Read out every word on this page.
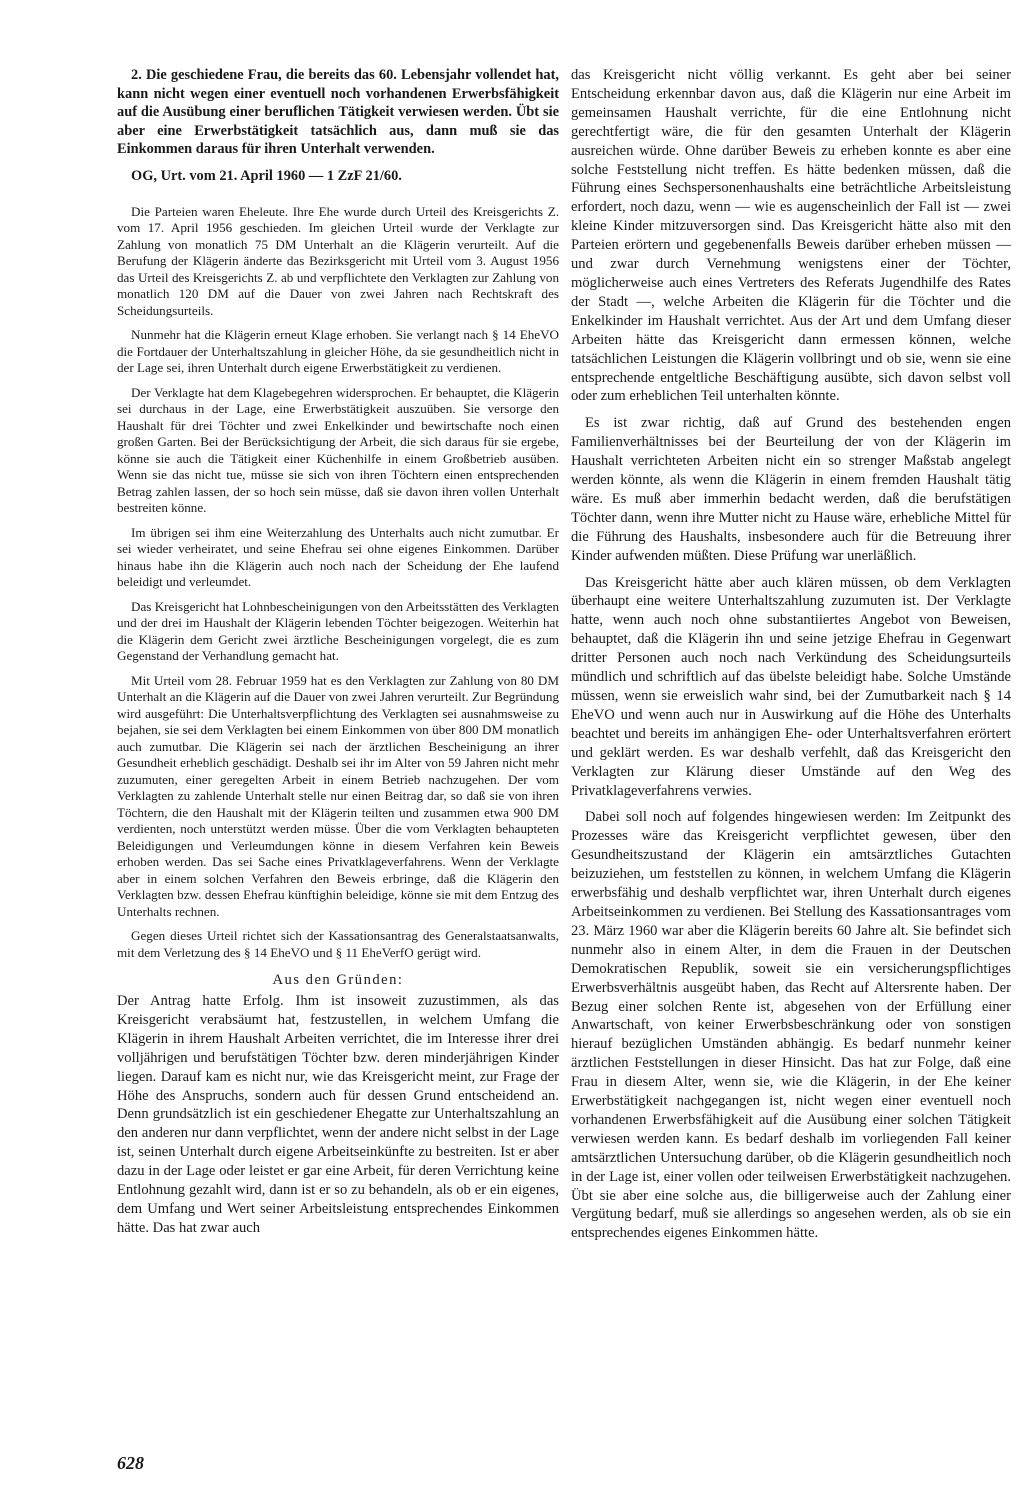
2. Die geschiedene Frau, die bereits das 60. Lebensjahr vollendet hat, kann nicht wegen einer eventuell noch vorhandenen Erwerbsfähigkeit auf die Ausübung einer beruflichen Tätigkeit verwiesen werden. Übt sie aber eine Erwerbstätigkeit tatsächlich aus, dann muß sie das Einkommen daraus für ihren Unterhalt verwenden.

OG, Urt. vom 21. April 1960 — 1 ZzF 21/60.

Die Parteien waren Eheleute. Ihre Ehe wurde durch Urteil des Kreisgerichts Z. vom 17. April 1956 geschieden. Im gleichen Urteil wurde der Verklagte zur Zahlung von monatlich 75 DM Unterhalt an die Klägerin verurteilt. Auf die Berufung der Klägerin änderte das Bezirksgericht mit Urteil vom 3. August 1956 das Urteil des Kreisgerichts Z. ab und verpflichtete den Verklagten zur Zahlung von monatlich 120 DM auf die Dauer von zwei Jahren nach Rechtskraft des Scheidungsurteils.

Nunmehr hat die Klägerin erneut Klage erhoben. Sie verlangt nach § 14 EheVO die Fortdauer der Unterhaltszahlung in gleicher Höhe, da sie gesundheitlich nicht in der Lage sei, ihren Unterhalt durch eigene Erwerbstätigkeit zu verdienen.

Der Verklagte hat dem Klagebegehren widersprochen. Er behauptet, die Klägerin sei durchaus in der Lage, eine Erwerbstätigkeit auszuüben. Sie versorge den Haushalt für drei Töchter und zwei Enkelkinder und bewirtschafte noch einen großen Garten. Bei der Berücksichtigung der Arbeit, die sich daraus für sie ergebe, könne sie auch die Tätigkeit einer Küchenhilfe in einem Großbetrieb ausüben. Wenn sie das nicht tue, müsse sie sich von ihren Töchtern einen entsprechenden Betrag zahlen lassen, der so hoch sein müsse, daß sie davon ihren vollen Unterhalt bestreiten könne.

Im übrigen sei ihm eine Weiterzahlung des Unterhalts auch nicht zumutbar. Er sei wieder verheiratet, und seine Ehefrau sei ohne eigenes Einkommen. Darüber hinaus habe ihn die Klägerin auch noch nach der Scheidung der Ehe laufend beleidigt und verleumdet.

Das Kreisgericht hat Lohnbescheinigungen von den Arbeitsstätten des Verklagten und der drei im Haushalt der Klägerin lebenden Töchter beigezogen. Weiterhin hat die Klägerin dem Gericht zwei ärztliche Bescheinigungen vorgelegt, die es zum Gegenstand der Verhandlung gemacht hat.

Mit Urteil vom 28. Februar 1959 hat es den Verklagten zur Zahlung von 80 DM Unterhalt an die Klägerin auf die Dauer von zwei Jahren verurteilt. Zur Begründung wird ausgeführt: Die Unterhaltsverpflichtung des Verklagten sei ausnahmsweise zu bejahen, sie sei dem Verklagten bei einem Einkommen von über 800 DM monatlich auch zumutbar. Die Klägerin sei nach der ärztlichen Bescheinigung an ihrer Gesundheit erheblich geschädigt. Deshalb sei ihr im Alter von 59 Jahren nicht mehr zuzumuten, einer geregelten Arbeit in einem Betrieb nachzugehen. Der vom Verklagten zu zahlende Unterhalt stelle nur einen Beitrag dar, so daß sie von ihren Töchtern, die den Haushalt mit der Klägerin teilten und zusammen etwa 900 DM verdienten, noch unterstützt werden müsse. Über die vom Verklagten behaupteten Beleidigungen und Verleumdungen könne in diesem Verfahren kein Beweis erhoben werden. Das sei Sache eines Privatklageverfahrens. Wenn der Verklagte aber in einem solchen Verfahren den Beweis erbringe, daß die Klägerin den Verklagten bzw. dessen Ehefrau künftighin beleidige, könne sie mit dem Entzug des Unterhalts rechnen.

Gegen dieses Urteil richtet sich der Kassationsantrag des Generalstaatsanwalts, mit dem Verletzung des § 14 EheVO und § 11 EheVerfO gerügt wird.

Aus den Gründen:

Der Antrag hatte Erfolg. Ihm ist insoweit zuzustimmen, als das Kreisgericht verabsäumt hat, festzustellen, in welchem Umfang die Klägerin in ihrem Haushalt Arbeiten verrichtet, die im Interesse ihrer drei volljährigen und berufstätigen Töchter bzw. deren minderjährigen Kinder liegen. Darauf kam es nicht nur, wie das Kreisgericht meint, zur Frage der Höhe des Anspruchs, sondern auch für dessen Grund entscheidend an. Denn grundsätzlich ist ein geschiedener Ehegatte zur Unterhaltszahlung an den anderen nur dann verpflichtet, wenn der andere nicht selbst in der Lage ist, seinen Unterhalt durch eigene Arbeitseinkünfte zu bestreiten. Ist er aber dazu in der Lage oder leistet er gar eine Arbeit, für deren Verrichtung keine Entlohnung gezahlt wird, dann ist er so zu behandeln, als ob er ein eigenes, dem Umfang und Wert seiner Arbeitsleistung entsprechendes Einkommen hätte. Das hat zwar auch

das Kreisgericht nicht völlig verkannt. Es geht aber bei seiner Entscheidung erkennbar davon aus, daß die Klägerin nur eine Arbeit im gemeinsamen Haushalt verrichte, für die eine Entlohnung nicht gerechtfertigt wäre, die für den gesamten Unterhalt der Klägerin ausreichen würde. Ohne darüber Beweis zu erheben konnte es aber eine solche Feststellung nicht treffen. Es hätte bedenken müssen, daß die Führung eines Sechspersonenhaushalts eine beträchtliche Arbeitsleistung erfordert, noch dazu, wenn — wie es augenscheinlich der Fall ist — zwei kleine Kinder mitzuversorgen sind. Das Kreisgericht hätte also mit den Parteien erörtern und gegebenenfalls Beweis darüber erheben müssen — und zwar durch Vernehmung wenigstens einer der Töchter, möglicherweise auch eines Vertreters des Referats Jugendhilfe des Rates der Stadt —, welche Arbeiten die Klägerin für die Töchter und die Enkelkinder im Haushalt verrichtet. Aus der Art und dem Umfang dieser Arbeiten hätte das Kreisgericht dann ermessen können, welche tatsächlichen Leistungen die Klägerin vollbringt und ob sie, wenn sie eine entsprechende entgeltliche Beschäftigung ausübte, sich davon selbst voll oder zum erheblichen Teil unterhalten könnte.

Es ist zwar richtig, daß auf Grund des bestehenden engen Familienverhältnisses bei der Beurteilung der von der Klägerin im Haushalt verrichteten Arbeiten nicht ein so strenger Maßstab angelegt werden könnte, als wenn die Klägerin in einem fremden Haushalt tätig wäre. Es muß aber immerhin bedacht werden, daß die berufstätigen Töchter dann, wenn ihre Mutter nicht zu Hause wäre, erhebliche Mittel für die Führung des Haushalts, insbesondere auch für die Betreuung ihrer Kinder aufwenden müßten. Diese Prüfung war unerläßlich.

Das Kreisgericht hätte aber auch klären müssen, ob dem Verklagten überhaupt eine weitere Unterhaltszahlung zuzumuten ist. Der Verklagte hatte, wenn auch noch ohne substantiiertes Angebot von Beweisen, behauptet, daß die Klägerin ihn und seine jetzige Ehefrau in Gegenwart dritter Personen auch noch nach Verkündung des Scheidungsurteils mündlich und schriftlich auf das übelste beleidigt habe. Solche Umstände müssen, wenn sie erweislich wahr sind, bei der Zumutbarkeit nach § 14 EheVO und wenn auch nur in Auswirkung auf die Höhe des Unterhalts beachtet und bereits im anhängigen Ehe- oder Unterhaltsverfahren erörtert und geklärt werden. Es war deshalb verfehlt, daß das Kreisgericht den Verklagten zur Klärung dieser Umstände auf den Weg des Privatklageverfahrens verwies.

Dabei soll noch auf folgendes hingewiesen werden: Im Zeitpunkt des Prozesses wäre das Kreisgericht verpflichtet gewesen, über den Gesundheitszustand der Klägerin ein amtsärztliches Gutachten beizuziehen, um feststellen zu können, in welchem Umfang die Klägerin erwerbsfähig und deshalb verpflichtet war, ihren Unterhalt durch eigenes Arbeitseinkommen zu verdienen. Bei Stellung des Kassationsantrages vom 23. März 1960 war aber die Klägerin bereits 60 Jahre alt. Sie befindet sich nunmehr also in einem Alter, in dem die Frauen in der Deutschen Demokratischen Republik, soweit sie ein versicherungspflichtiges Erwerbsverhältnis ausgeübt haben, das Recht auf Altersrente haben. Der Bezug einer solchen Rente ist, abgesehen von der Erfüllung einer Anwartschaft, von keiner Erwerbsbeschränkung oder von sonstigen hierauf bezüglichen Umständen abhängig. Es bedarf nunmehr keiner ärztlichen Feststellungen in dieser Hinsicht. Das hat zur Folge, daß eine Frau in diesem Alter, wenn sie, wie die Klägerin, in der Ehe keiner Erwerbstätigkeit nachgegangen ist, nicht wegen einer eventuell noch vorhandenen Erwerbsfähigkeit auf die Ausübung einer solchen Tätigkeit verwiesen werden kann. Es bedarf deshalb im vorliegenden Fall keiner amtsärztlichen Untersuchung darüber, ob die Klägerin gesundheitlich noch in der Lage ist, einer vollen oder teilweisen Erwerbstätigkeit nachzugehen. Übt sie aber eine solche aus, die billigerweise auch der Zahlung einer Vergütung bedarf, muß sie allerdings so angesehen werden, als ob sie ein entsprechendes eigenes Einkommen hätte.

628
